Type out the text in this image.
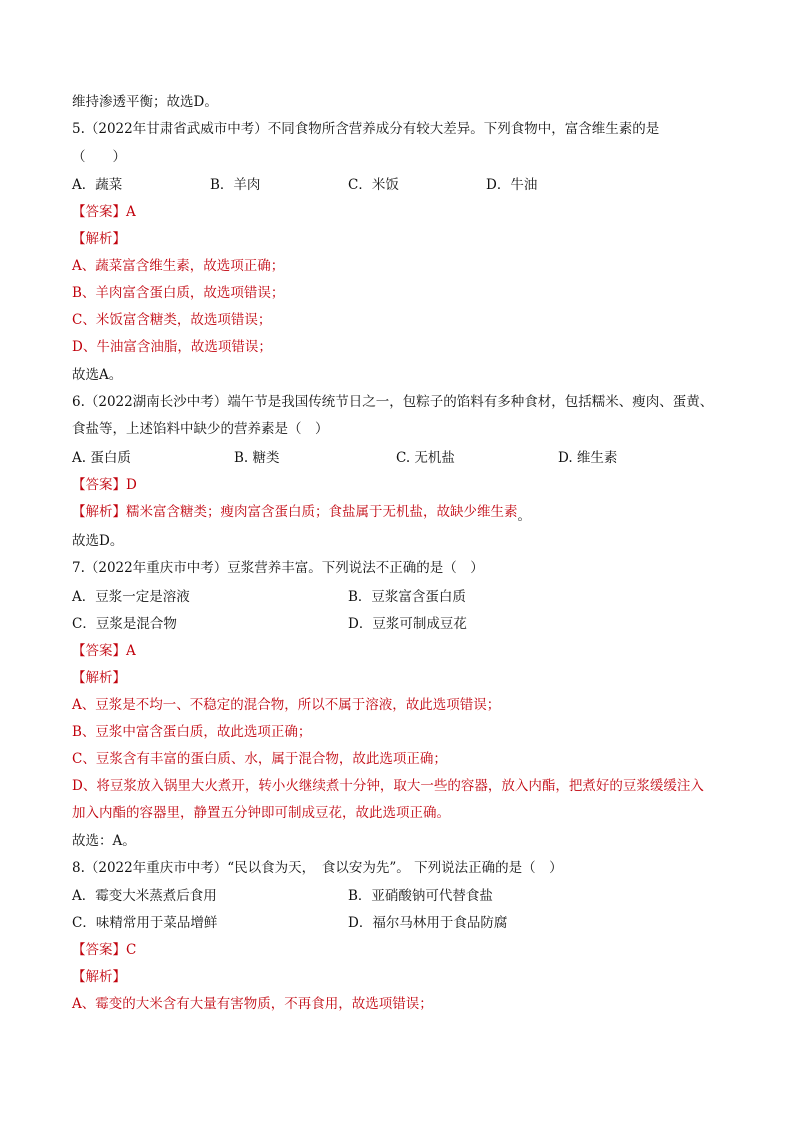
维持渗透平衡；故选D。
5.（2022年甘肃省武威市中考）不同食物所含营养成分有较大差异。下列食物中，富含维生素的是
（　　）
A．蔬菜	B．羊肉	C．米饭	D．牛油
【答案】A
【解析】
A、蔬菜富含维生素，故选项正确；
B、羊肉富含蛋白质，故选项错误；
C、米饭富含糖类，故选项错误；
D、牛油富含油脂，故选项错误；
故选A。
6.（2022湖南长沙中考）端午节是我国传统节日之一，包粽子的馅料有多种食材，包括糯米、瘦肉、蛋黄、
食盐等，上述馅料中缺少的营养素是（　）
A. 蛋白质	B. 糖类	C. 无机盐	D. 维生素
【答案】D
【解析】糯米富含糖类；瘦肉富含蛋白质；食盐属于无机盐，故缺少维生素。
故选D。
7.（2022年重庆市中考）豆浆营养丰富。下列说法不正确的是（　）
A．豆浆一定是溶液	B．豆浆富含蛋白质
C．豆浆是混合物	D．豆浆可制成豆花
【答案】A
【解析】
A、豆浆是不均一、不稳定的混合物，所以不属于溶液，故此选项错误；
B、豆浆中富含蛋白质，故此选项正确；
C、豆浆含有丰富的蛋白质、水，属于混合物，故此选项正确；
D、将豆浆放入锅里大火煮开，转小火继续煮十分钟，取大一些的容器，放入内酯，把煮好的豆浆缓缓注入
加入内酯的容器里，静置五分钟即可制成豆花，故此选项正确。
故选：A。
8.（2022年重庆市中考）“民以食为天，　食以安为先”。 下列说法正确的是（　）
A．霉变大米蒸煮后食用	B．亚硝酸钠可代替食盐
C．味精常用于菜品增鲜	D．福尔马林用于食品防腐
【答案】C
【解析】
A、霉变的大米含有大量有害物质，不再食用，故选项错误；
